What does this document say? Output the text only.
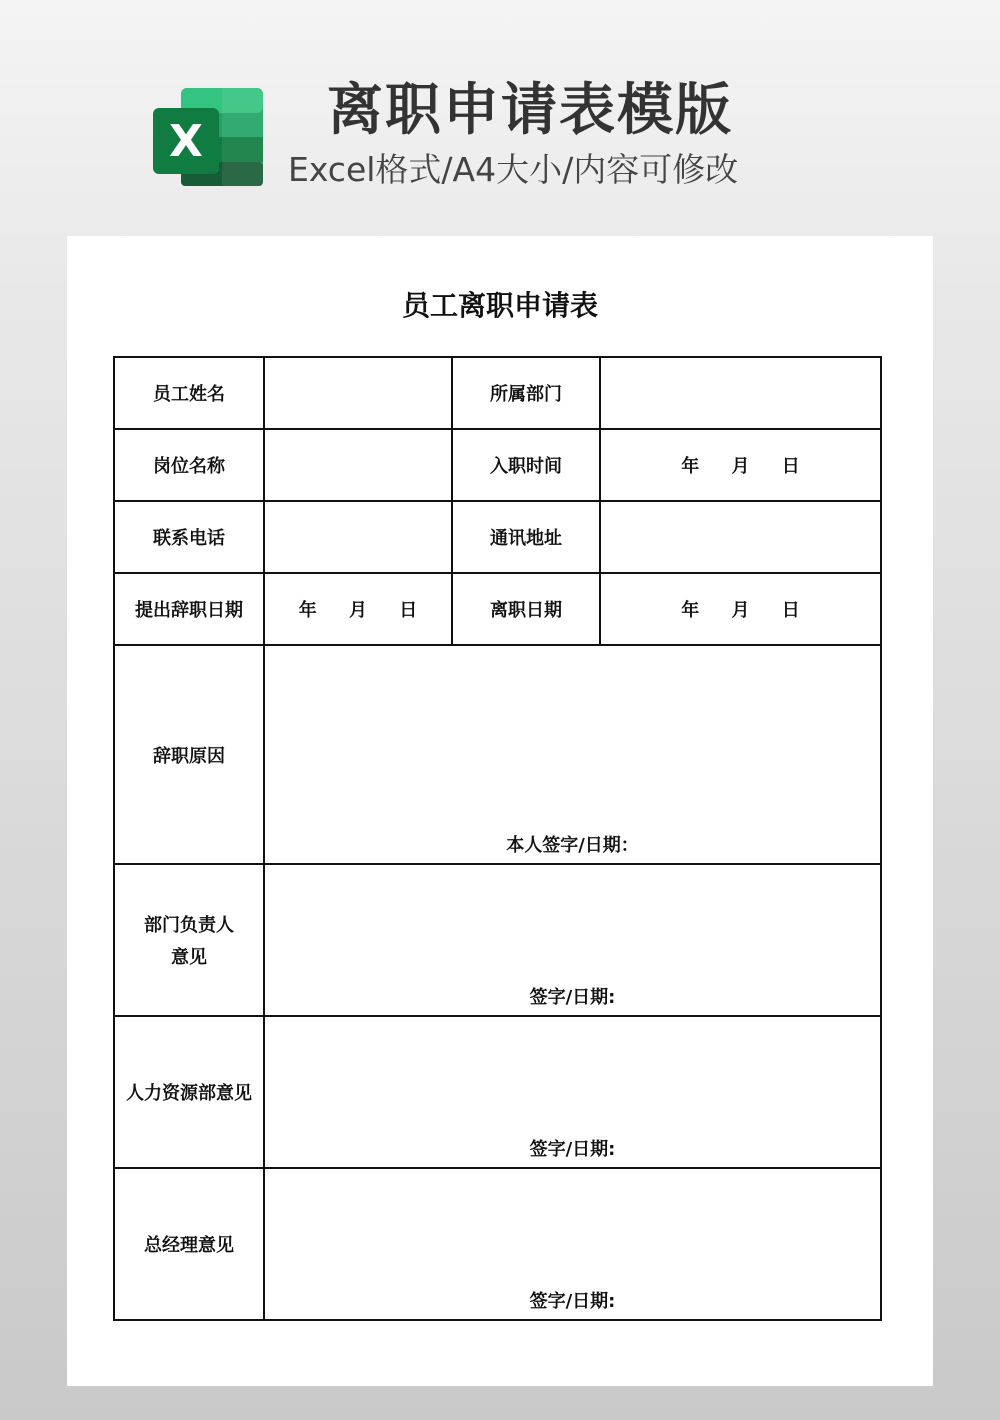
X	离职申请表模版
Excel格式/A4大小/内容可修改
员工离职申请表
员工姓名		所属部门	
岗位名称		入职时间	年 月 日
联系电话		通讯地址	
提出辞职日期	年 月 日	离职日期	年 月 日
辞职原因	本人签字/日期：		

部门负责人
意见	签字/日期:		

人力资源部意见	签字/日期:		

总经理意见	签字/日期:		
